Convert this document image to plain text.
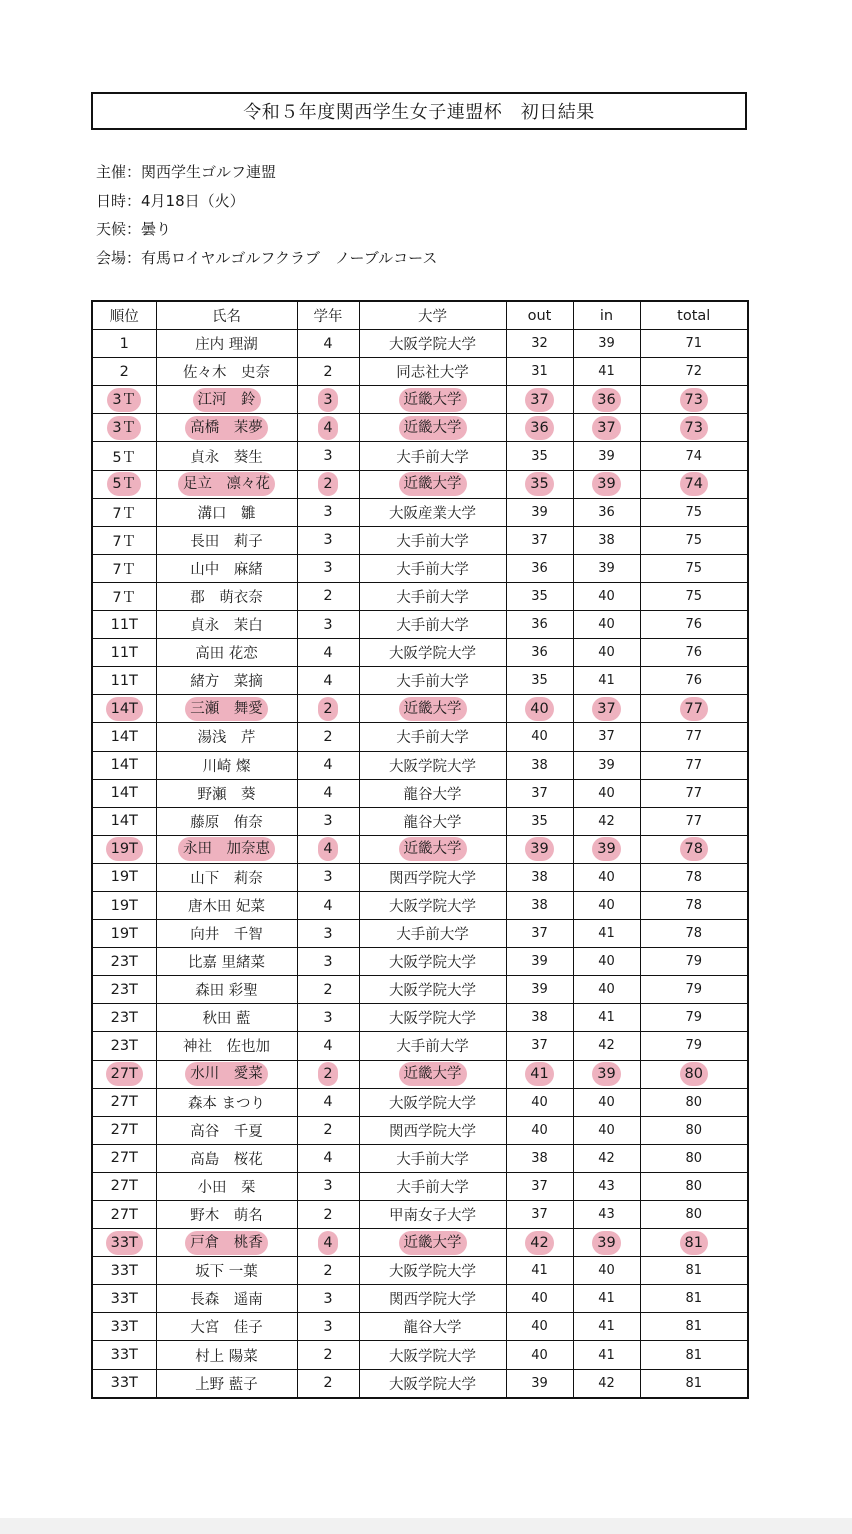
令和５年度関西学生女子連盟杯　初日結果
主催：関西学生ゴルフ連盟
日時：4月18日（火）
天候：曇り
会場：有馬ロイヤルゴルフクラブ　ノーブルコース
順位	氏名	学年	大学	out	in	total
1	庄内 理湖	4	大阪学院大学	32	39	71
2	佐々木　史奈	2	同志社大学	31	41	72
3Ｔ	江河　鈴	3	近畿大学	37	36	73
3Ｔ	高橋　茉夢	4	近畿大学	36	37	73
5Ｔ	貞永　葵生	3	大手前大学	35	39	74
5Ｔ	足立　凛々花	2	近畿大学	35	39	74
7Ｔ	溝口　雛	3	大阪産業大学	39	36	75
7Ｔ	長田　莉子	3	大手前大学	37	38	75
7Ｔ	山中　麻緒	3	大手前大学	36	39	75
7Ｔ	郡　萌衣奈	2	大手前大学	35	40	75
11T	貞永　茉白	3	大手前大学	36	40	76
11T	高田 花恋	4	大阪学院大学	36	40	76
11T	緒方　菜摘	4	大手前大学	35	41	76
14T	三瀬　舞愛	2	近畿大学	40	37	77
14T	湯浅　芹	2	大手前大学	40	37	77
14T	川崎 燦	4	大阪学院大学	38	39	77
14T	野瀬　葵	4	龍谷大学	37	40	77
14T	藤原　侑奈	3	龍谷大学	35	42	77
19T	永田　加奈恵	4	近畿大学	39	39	78
19T	山下　莉奈	3	関西学院大学	38	40	78
19T	唐木田 妃菜	4	大阪学院大学	38	40	78
19T	向井　千智	3	大手前大学	37	41	78
23T	比嘉 里緒菜	3	大阪学院大学	39	40	79
23T	森田 彩聖	2	大阪学院大学	39	40	79
23T	秋田 藍	3	大阪学院大学	38	41	79
23T	神社　佐也加	4	大手前大学	37	42	79
27T	水川　愛菜	2	近畿大学	41	39	80
27T	森本 まつり	4	大阪学院大学	40	40	80
27T	高谷　千夏	2	関西学院大学	40	40	80
27T	高島　桜花	4	大手前大学	38	42	80
27T	小田　栞	3	大手前大学	37	43	80
27T	野木　萌名	2	甲南女子大学	37	43	80
33T	戸倉　桃香	4	近畿大学	42	39	81
33T	坂下 一葉	2	大阪学院大学	41	40	81
33T	長森　遥南	3	関西学院大学	40	41	81
33T	大宮　佳子	3	龍谷大学	40	41	81
33T	村上 陽菜	2	大阪学院大学	40	41	81
33T	上野 藍子	2	大阪学院大学	39	42	81
